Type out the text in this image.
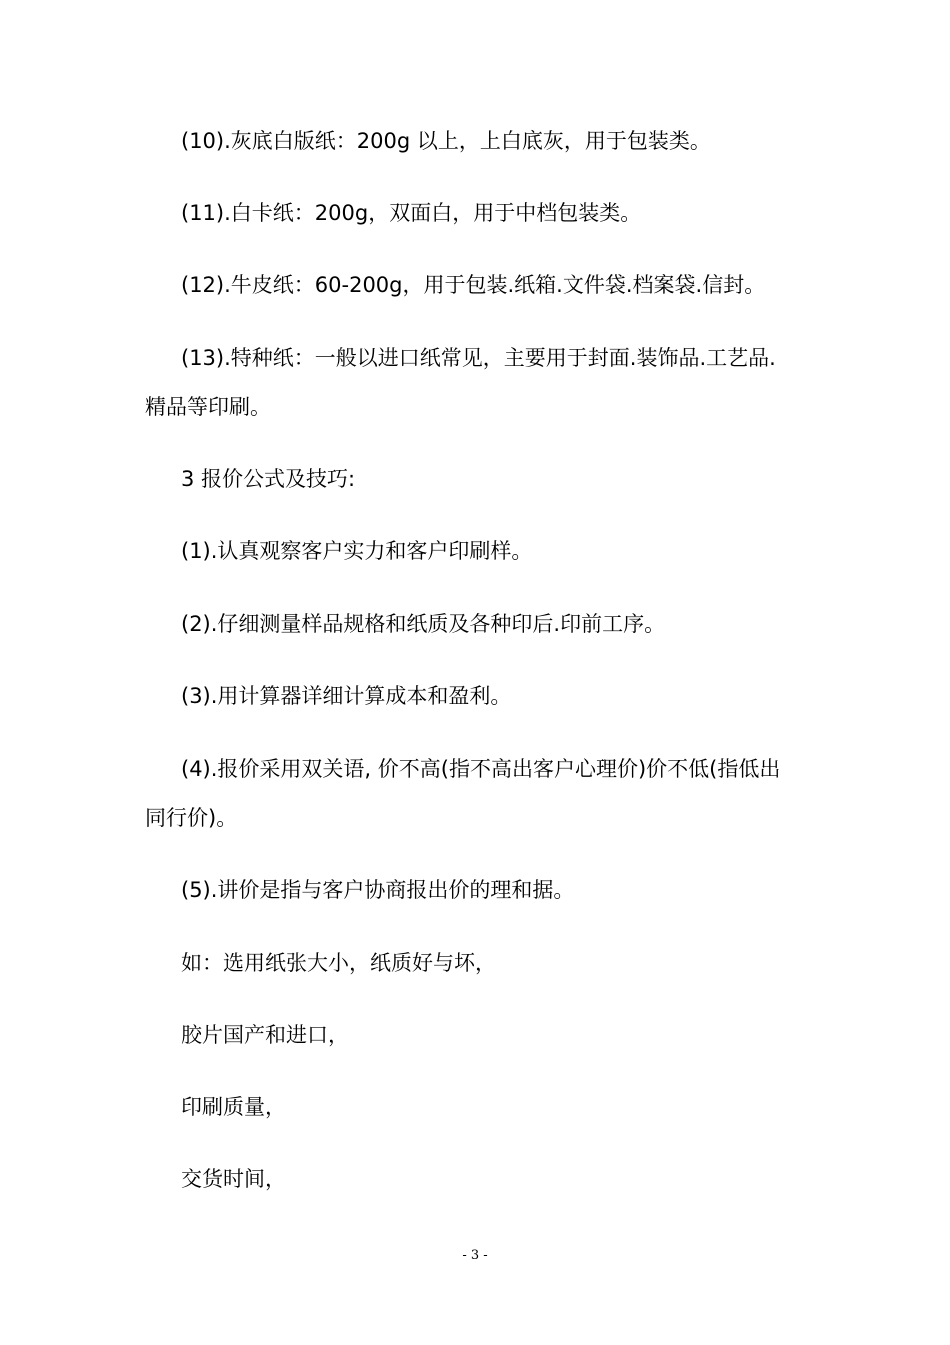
(10).灰底白版纸：200g 以上，上白底灰，用于包装类。
(11).白卡纸：200g，双面白，用于中档包装类。
(12).牛皮纸：60-200g，用于包装.纸箱.文件袋.档案袋.信封。
(13).特种纸：一般以进口纸常见，主要用于封面.装饰品.工艺品.
精品等印刷。
3 报价公式及技巧:
(1).认真观察客户实力和客户印刷样。
(2).仔细测量样品规格和纸质及各种印后.印前工序。
(3).用计算器详细计算成本和盈利。
(4).报价采用双关语, 价不高(指不高出客户心理价)价不低(指低出
同行价)。
(5).讲价是指与客户协商报出价的理和据。
如：选用纸张大小，纸质好与坏，
胶片国产和进口，
印刷质量，
交货时间，
- 3 -
